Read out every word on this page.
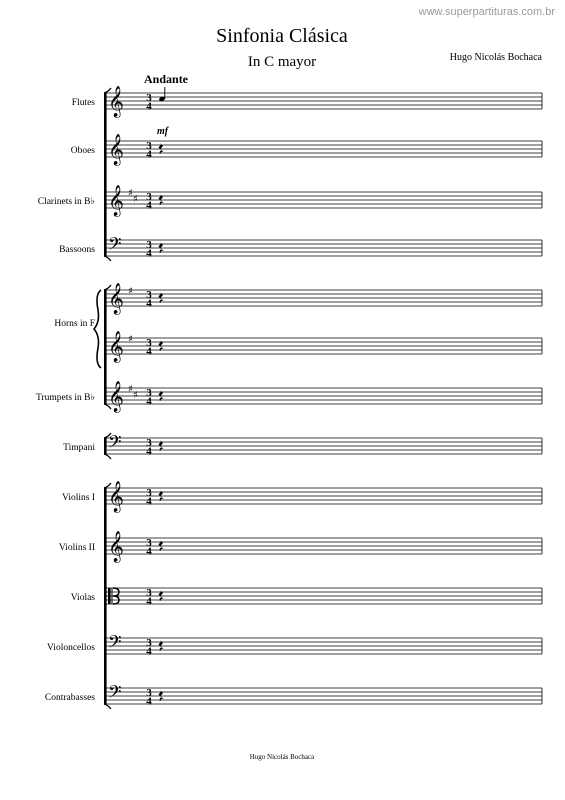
www.superpartituras.com.br
Sinfonia Clásica
In C mayor	Hugo Nicolás Bochaca
Andante
Hugo Nicolás Bochaca
𝄞 3
4
𝄞 3
4
𝄞 ♯
♯ 3
4
𝄢 3
4
𝄞 ♯ 3
4
𝄞 ♯ 3
4
𝄞 ♯
♯ 3
4
𝄢 3
4
𝄞 3
4
𝄞 3
4
3
4
𝄢 3
4
𝄢 3
4
mf
Flutes
Oboes
Clarinets in B♭
Bassoons
Horns in F
Trumpets in B♭
Timpani
Violins I
Violins II
Violas
Violoncellos
Contrabasses
